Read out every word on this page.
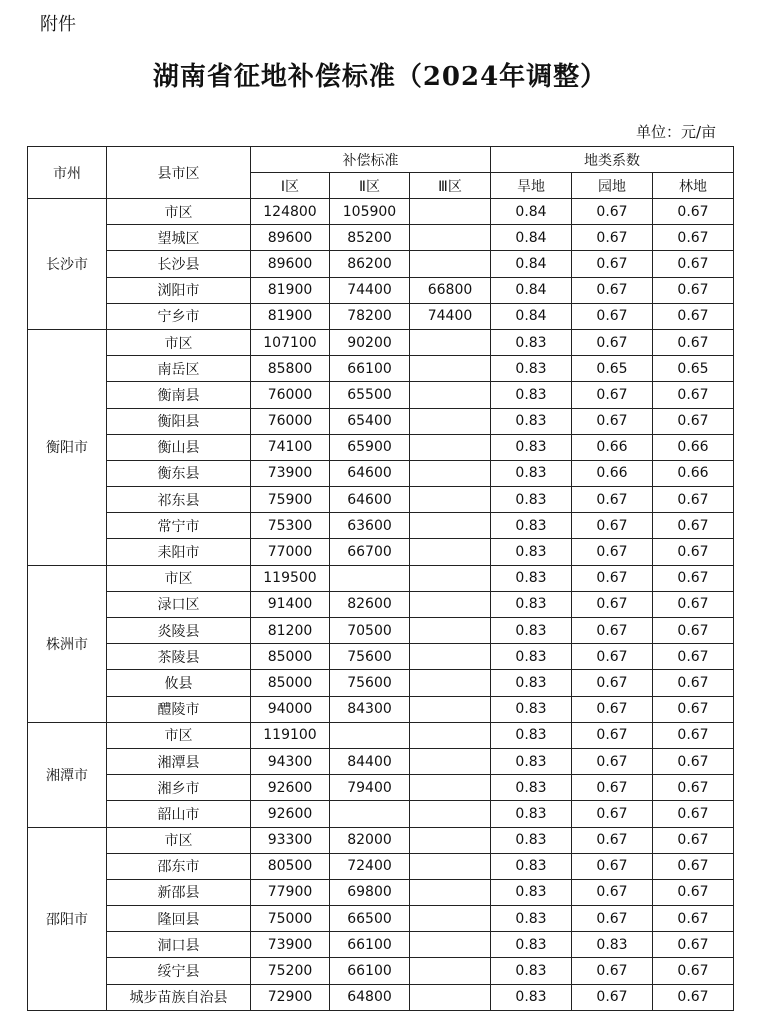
附件
湖南省征地补偿标准（2024年调整）
单位：元/亩
市州	县市区	补偿标准			地类系数		
		Ⅰ区	Ⅱ区	Ⅲ区	旱地	园地	林地
长沙市	市区	124800	105900		0.84	0.67	0.67
	望城区	89600	85200		0.84	0.67	0.67
	长沙县	89600	86200		0.84	0.67	0.67
	浏阳市	81900	74400	66800	0.84	0.67	0.67
	宁乡市	81900	78200	74400	0.84	0.67	0.67
衡阳市	市区	107100	90200		0.83	0.67	0.67
	南岳区	85800	66100		0.83	0.65	0.65
	衡南县	76000	65500		0.83	0.67	0.67
	衡阳县	76000	65400		0.83	0.67	0.67
	衡山县	74100	65900		0.83	0.66	0.66
	衡东县	73900	64600		0.83	0.66	0.66
	祁东县	75900	64600		0.83	0.67	0.67
	常宁市	75300	63600		0.83	0.67	0.67
	耒阳市	77000	66700		0.83	0.67	0.67
株洲市	市区	119500			0.83	0.67	0.67
	渌口区	91400	82600		0.83	0.67	0.67
	炎陵县	81200	70500		0.83	0.67	0.67
	茶陵县	85000	75600		0.83	0.67	0.67
	攸县	85000	75600		0.83	0.67	0.67
	醴陵市	94000	84300		0.83	0.67	0.67
湘潭市	市区	119100			0.83	0.67	0.67
	湘潭县	94300	84400		0.83	0.67	0.67
	湘乡市	92600	79400		0.83	0.67	0.67
	韶山市	92600			0.83	0.67	0.67
邵阳市	市区	93300	82000		0.83	0.67	0.67
	邵东市	80500	72400		0.83	0.67	0.67
	新邵县	77900	69800		0.83	0.67	0.67
	隆回县	75000	66500		0.83	0.67	0.67
	洞口县	73900	66100		0.83	0.83	0.67
	绥宁县	75200	66100		0.83	0.67	0.67
	城步苗族自治县	72900	64800		0.83	0.67	0.67
